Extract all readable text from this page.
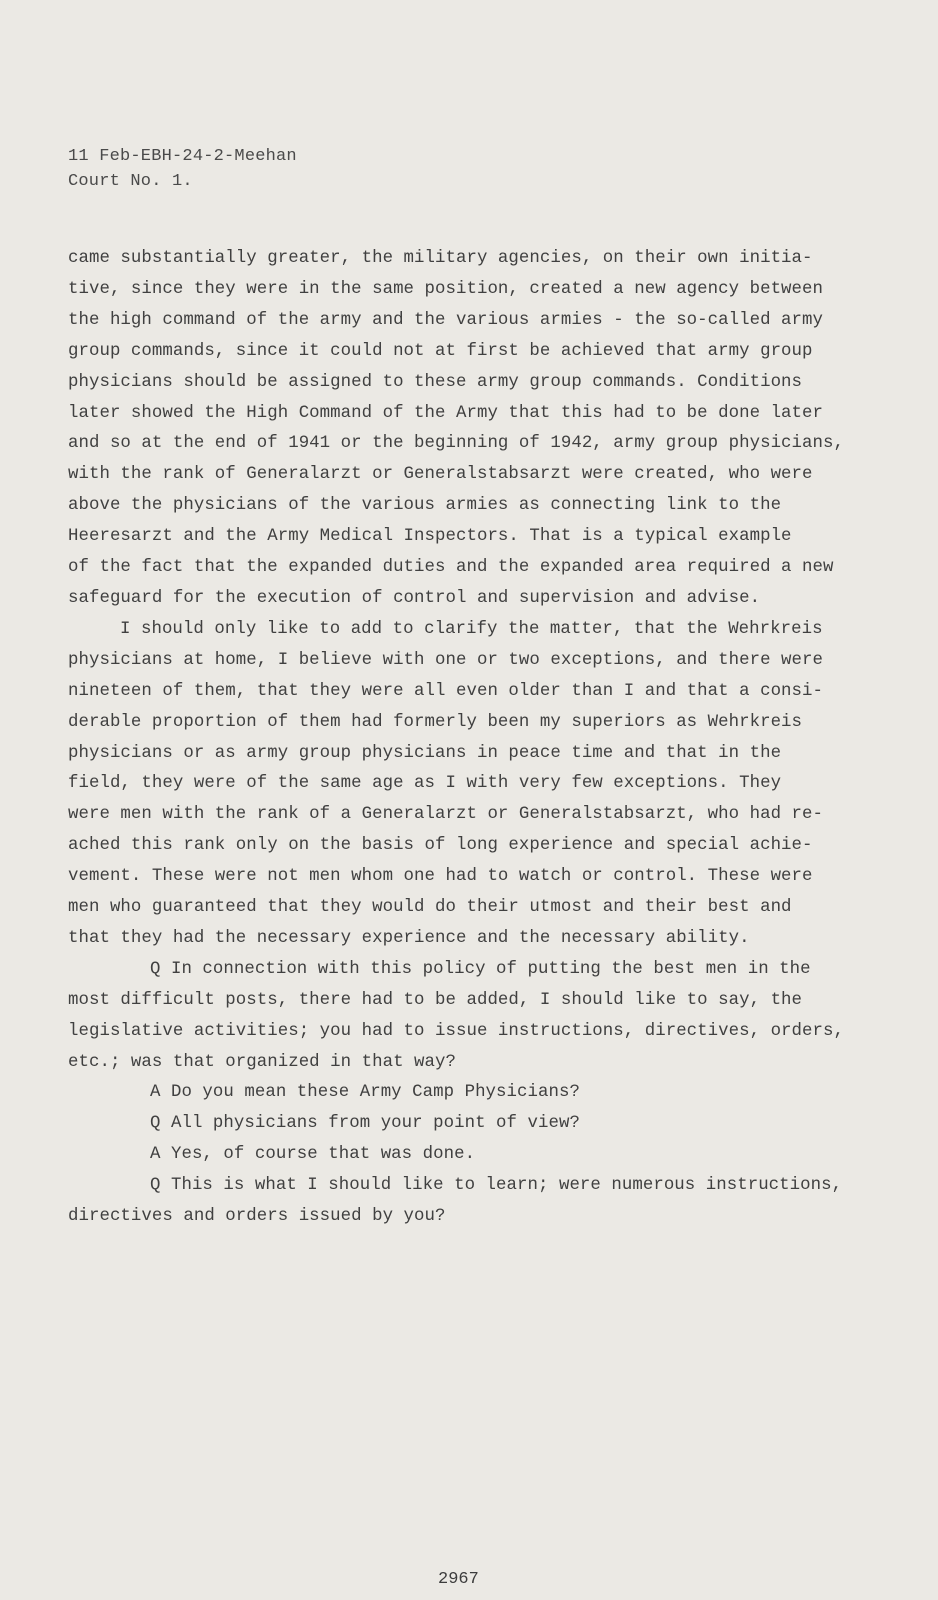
11 Feb-EBH-24-2-Meehan
Court No. 1.
came substantially greater, the military agencies, on their own initia-
tive, since they were in the same position, created a new agency between
the high command of the army and the various armies - the so-called army
group commands, since it could not at first be achieved that army group
physicians should be assigned to these army group commands. Conditions
later showed the High Command of the Army that this had to be done later
and so at the end of 1941 or the beginning of 1942, army group physicians,
with the rank of Generalarzt or Generalstabsarzt were created, who were
above the physicians of the various armies as connecting link to the
Heeresarzt and the Army Medical Inspectors. That is a typical example
of the fact that the expanded duties and the expanded area required a new
safeguard for the execution of control and supervision and advise.
I should only like to add to clarify the matter, that the Wehrkreis
physicians at home, I believe with one or two exceptions, and there were
nineteen of them, that they were all even older than I and that a consi-
derable proportion of them had formerly been my superiors as Wehrkreis
physicians or as army group physicians in peace time and that in the
field, they were of the same age as I with very few exceptions. They
were men with the rank of a Generalarzt or Generalstabsarzt, who had re-
ached this rank only on the basis of long experience and special achie-
vement. These were not men whom one had to watch or control. These were
men who guaranteed that they would do their utmost and their best and
that they had the necessary experience and the necessary ability.
Q In connection with this policy of putting the best men in the
most difficult posts, there had to be added, I should like to say, the
legislative activities; you had to issue instructions, directives, orders,
etc.; was that organized in that way?
A Do you mean these Army Camp Physicians?
Q All physicians from your point of view?
A Yes, of course that was done.
Q This is what I should like to learn; were numerous instructions,
directives and orders issued by you?
2967
